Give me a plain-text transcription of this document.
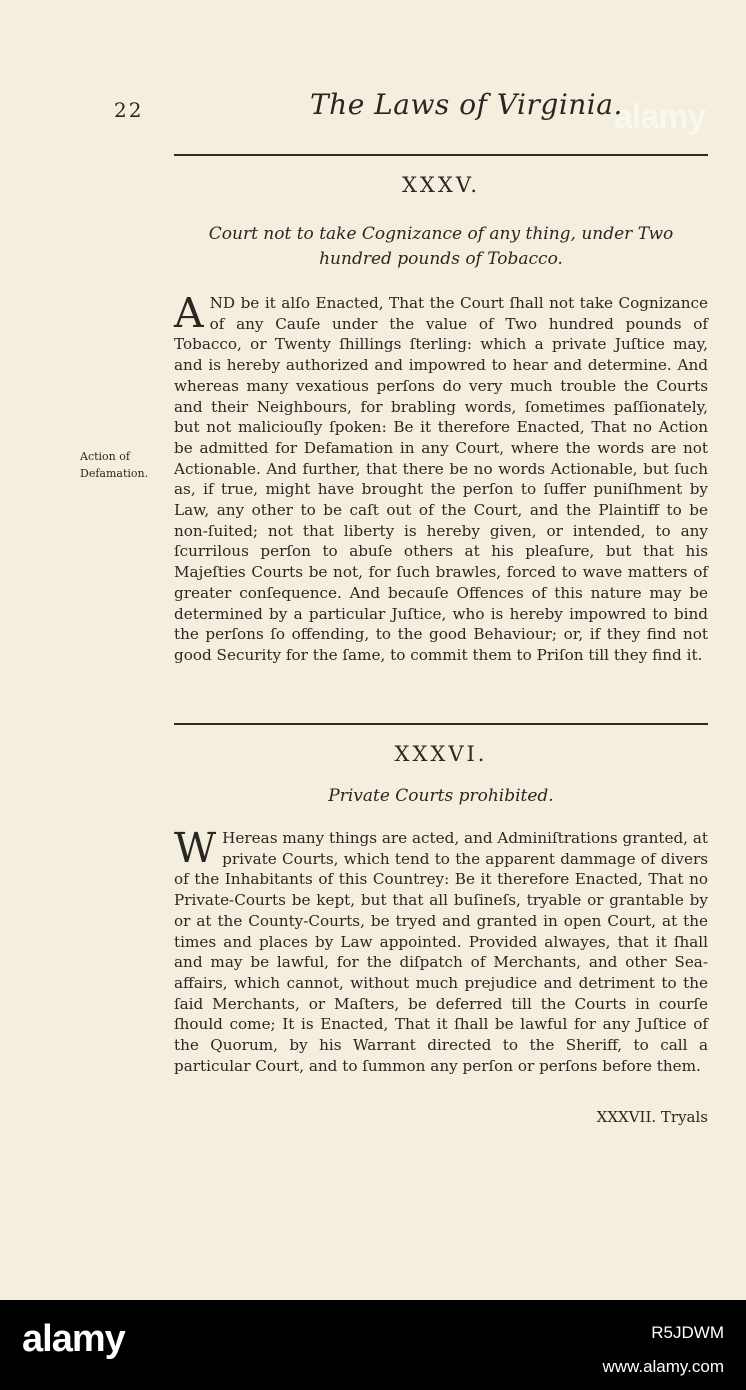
alamy
22	The Laws of Virginia.
XXXV.
Court not to take Cognizance of any thing, under Two hundred pounds of Tobacco.
A ND be it alſo Enacted, That the Court ſhall not take Cognizance of any Cauſe under the value of Two hundred pounds of Tobacco, or Twenty ſhillings ſterling: which a private Juſtice may, and is hereby authorized and impowred to hear and determine. And whereas many vexatious perſons do very much trouble the Courts and their Neighbours, for brabling words, ſometimes paſſionately, but not maliciouſly ſpoken: Be it therefore Enacted, That no Action be admitted for Defamation in any Court, where the words are not Actionable. And further, that there be no words Actionable, but ſuch as, if true, might have brought the perſon to ſuffer puniſhment by Law, any other to be caſt out of the Court, and the Plaintiff to be non-ſuited; not that liberty is hereby given, or intended, to any ſcurrilous perſon to abuſe others at his pleaſure, but that his Majeſties Courts be not, for ſuch brawles, forced to wave matters of greater conſequence. And becauſe Offences of this nature may be determined by a particular Juſtice, who is hereby impowred to bind the perſons ſo offending, to the good Behaviour; or, if they find not good Security for the ſame, to commit them to Priſon till they find it.
Action of Defamation.
XXXVI.
Private Courts prohibited.
W Hereas many things are acted, and Adminiſtrations granted, at private Courts, which tend to the apparent dammage of divers of the Inhabitants of this Countrey: Be it therefore Enacted, That no Private-Courts be kept, but that all buſineſs, tryable or grantable by or at the County-Courts, be tryed and granted in open Court, at the times and places by Law appointed. Provided alwayes, that it ſhall and may be lawful, for the diſpatch of Merchants, and other Sea-affairs, which cannot, without much prejudice and detriment to the ſaid Merchants, or Maſters, be deferred till the Courts in courſe ſhould come; It is Enacted, That it ſhall be lawful for any Juſtice of the Quorum, by his Warrant directed to the Sheriff, to call a particular Court, and to ſummon any perſon or perſons before them.
XXXVII. Tryals
alamy	R5JDWM
www.alamy.com
